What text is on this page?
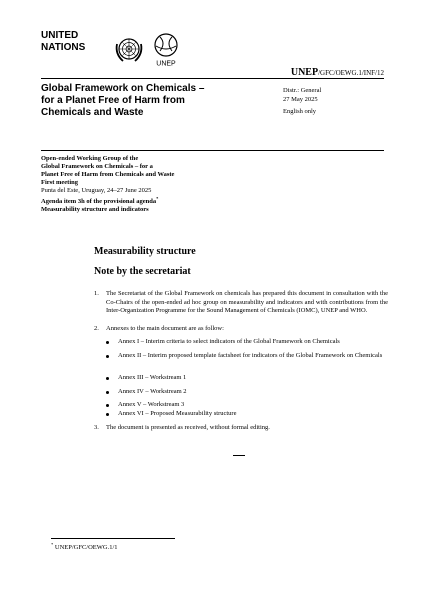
UNITED
NATIONS
UNEP
UNEP/GFC/OEWG.1/INF/12
Global Framework on Chemicals –
for a Planet Free of Harm from
Chemicals and Waste
Distr.: General
27 May 2025
English only
Open-ended Working Group of the
Global Framework on Chemicals – for a
Planet Free of Harm from Chemicals and Waste
First meeting
Punta del Este, Uruguay, 24–27 June 2025
Agenda item 3h of the provisional agenda*
Measurability structure and indicators
Measurability structure
Note by the secretariat
1. The Secretariat of the Global Framework on chemicals has prepared this document in consultation with the Co-Chairs of the open-ended ad hoc group on measurability and indicators and with contributions from the Inter-Organization Programme for the Sound Management of Chemicals (IOMC), UNEP and WHO.
2. Annexes to the main document are as follow:
Annex I – Interim criteria to select indicators of the Global Framework on Chemicals
Annex II – Interim proposed template factsheet for indicators of the Global Framework on Chemicals
Annex III – Workstream 1
Annex IV – Workstream 2
Annex V – Workstream 3
Annex VI – Proposed Measurability structure
3. The document is presented as received, without formal editing.
* UNEP/GFC/OEWG.1/1
